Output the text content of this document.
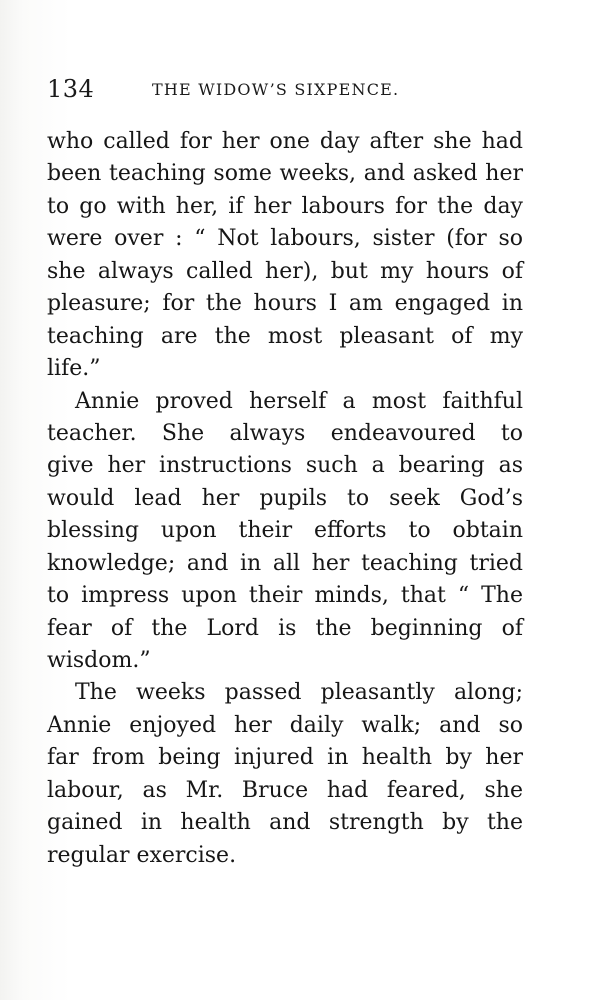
134	THE WIDOW’S SIXPENCE.
who called for her one day after she had
been teaching some weeks, and asked her
to go with her, if her labours for the day
were over : “ Not labours, sister (for so
she always called her), but my hours of
pleasure; for the hours I am engaged in
teaching are the most pleasant of my
life.”
Annie proved herself a most faithful
teacher. She always endeavoured to
give her instructions such a bearing as
would lead her pupils to seek God’s
blessing upon their efforts to obtain
knowledge; and in all her teaching tried
to impress upon their minds, that “ The
fear of the Lord is the beginning of
wisdom.”
The weeks passed pleasantly along;
Annie enjoyed her daily walk; and so
far from being injured in health by her
labour, as Mr. Bruce had feared, she
gained in health and strength by the
regular exercise.
